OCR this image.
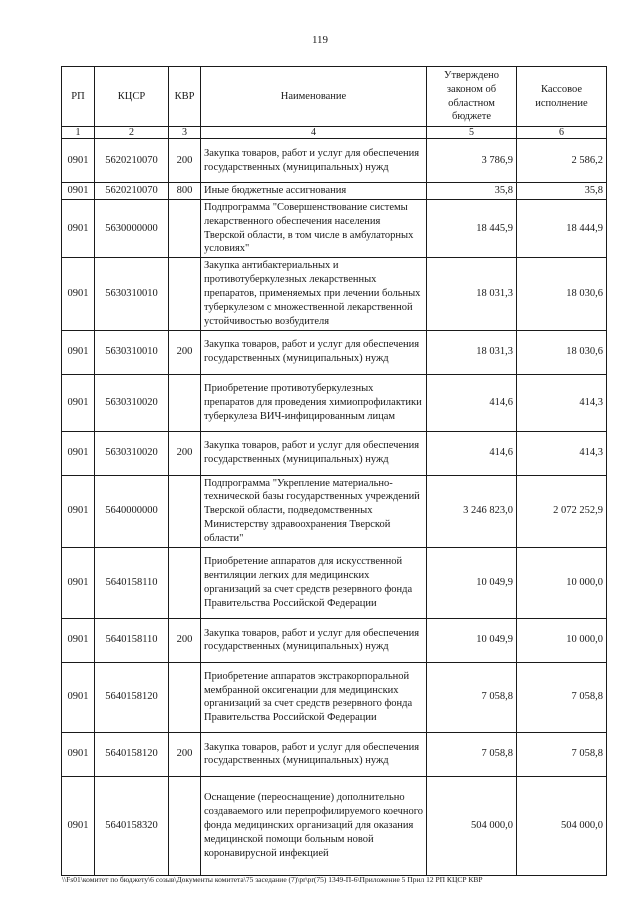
119
РП	КЦСР	КВР	Наименование	Утверждено законом об областном бюджете	Кассовое исполнение
1	2	3	4	5	6
0901	5620210070	200	Закупка товаров, работ и услуг для обеспечения государственных (муниципальных) нужд	3 786,9	2 586,2
0901	5620210070	800	Иные бюджетные ассигнования	35,8	35,8
0901	5630000000		Подпрограмма "Совершенствование системы лекарственного обеспечения населения Тверской области, в том числе в амбулаторных условиях"	18 445,9	18 444,9
0901	5630310010		Закупка антибактериальных и противотуберкулезных лекарственных препаратов, применяемых при лечении больных туберкулезом с множественной лекарственной устойчивостью возбудителя	18 031,3	18 030,6
0901	5630310010	200	Закупка товаров, работ и услуг для обеспечения государственных (муниципальных) нужд	18 031,3	18 030,6
0901	5630310020		Приобретение противотуберкулезных препаратов для проведения химиопрофилактики туберкулеза ВИЧ-инфицированным лицам	414,6	414,3
0901	5630310020	200	Закупка товаров, работ и услуг для обеспечения государственных (муниципальных) нужд	414,6	414,3
0901	5640000000		Подпрограмма "Укрепление материально-технической базы государственных учреждений Тверской области, подведомственных Министерству здравоохранения Тверской области"	3 246 823,0	2 072 252,9
0901	5640158110		Приобретение аппаратов для искусственной вентиляции легких для медицинских организаций за счет средств резервного фонда Правительства Российской Федерации	10 049,9	10 000,0
0901	5640158110	200	Закупка товаров, работ и услуг для обеспечения государственных (муниципальных) нужд	10 049,9	10 000,0
0901	5640158120		Приобретение аппаратов экстракорпоральной мембранной оксигенации для медицинских организаций за счет средств резервного фонда Правительства Российской Федерации	7 058,8	7 058,8
0901	5640158120	200	Закупка товаров, работ и услуг для обеспечения государственных (муниципальных) нужд	7 058,8	7 058,8
0901	5640158320		Оснащение (переоснащение) дополнительно создаваемого или перепрофилируемого коечного фонда медицинских организаций для оказания медицинской помощи больным новой коронавирусной инфекцией	504 000,0	504 000,0
\\Fs01\комитет по бюджету\6 созыв\Документы комитета\75 заседание (7)\pr\pr(75) 1349-П-6\Приложение 5 Прил 12 РП КЦСР КВР
